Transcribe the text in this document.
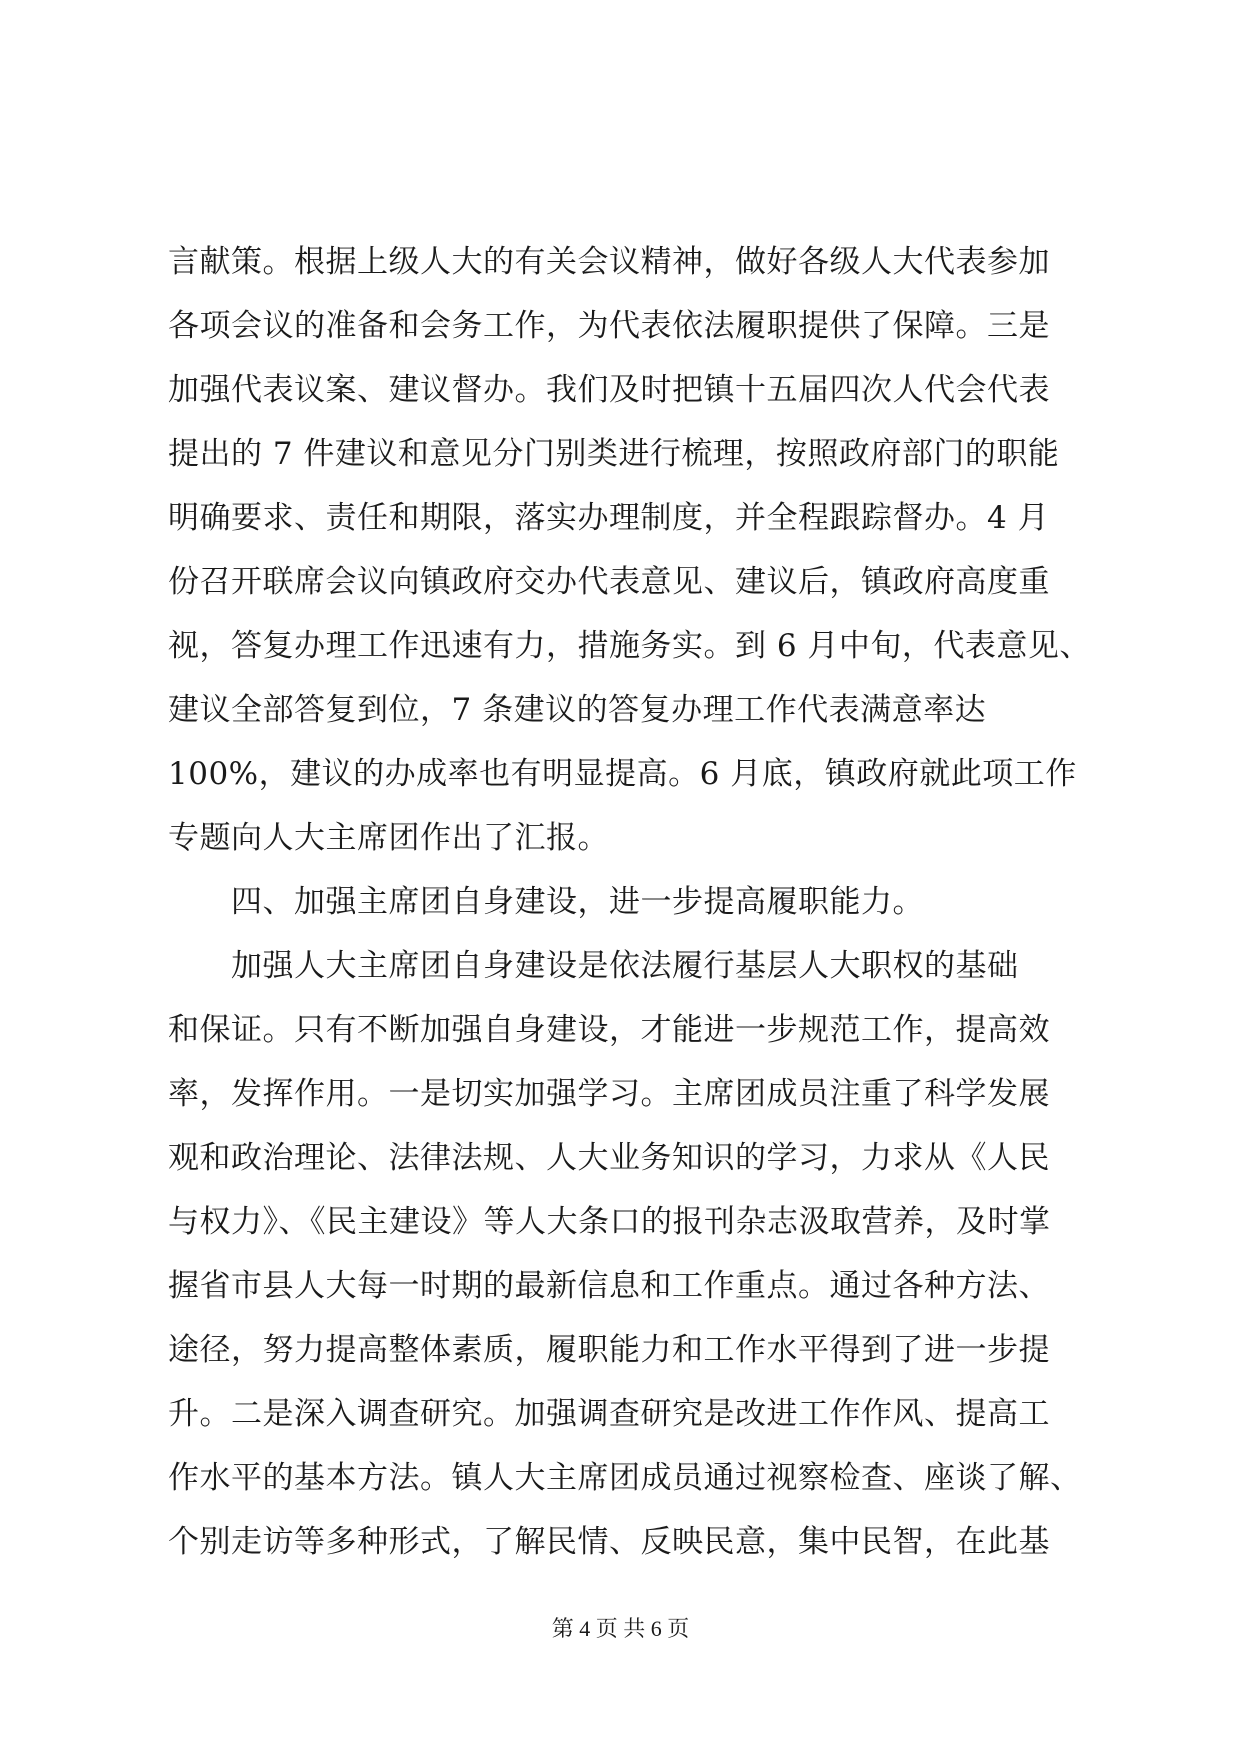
言献策。根据上级人大的有关会议精神，做好各级人大代表参加
各项会议的准备和会务工作，为代表依法履职提供了保障。三是
加强代表议案、建议督办。我们及时把镇十五届四次人代会代表
提出的 7 件建议和意见分门别类进行梳理，按照政府部门的职能
明确要求、责任和期限，落实办理制度，并全程跟踪督办。4 月
份召开联席会议向镇政府交办代表意见、建议后，镇政府高度重
视，答复办理工作迅速有力，措施务实。到 6 月中旬，代表意见、
建议全部答复到位，7 条建议的答复办理工作代表满意率达
100%，建议的办成率也有明显提高。6 月底，镇政府就此项工作
专题向人大主席团作出了汇报。
　　四、加强主席团自身建设，进一步提高履职能力。
　　加强人大主席团自身建设是依法履行基层人大职权的基础
和保证。只有不断加强自身建设，才能进一步规范工作，提高效
率，发挥作用。一是切实加强学习。主席团成员注重了科学发展
观和政治理论、法律法规、人大业务知识的学习，力求从《人民
与权力》、《民主建设》等人大条口的报刊杂志汲取营养，及时掌
握省市县人大每一时期的最新信息和工作重点。通过各种方法、
途径，努力提高整体素质，履职能力和工作水平得到了进一步提
升。二是深入调查研究。加强调查研究是改进工作作风、提高工
作水平的基本方法。镇人大主席团成员通过视察检查、座谈了解、
个别走访等多种形式，了解民情、反映民意，集中民智，在此基
第 4 页 共 6 页
